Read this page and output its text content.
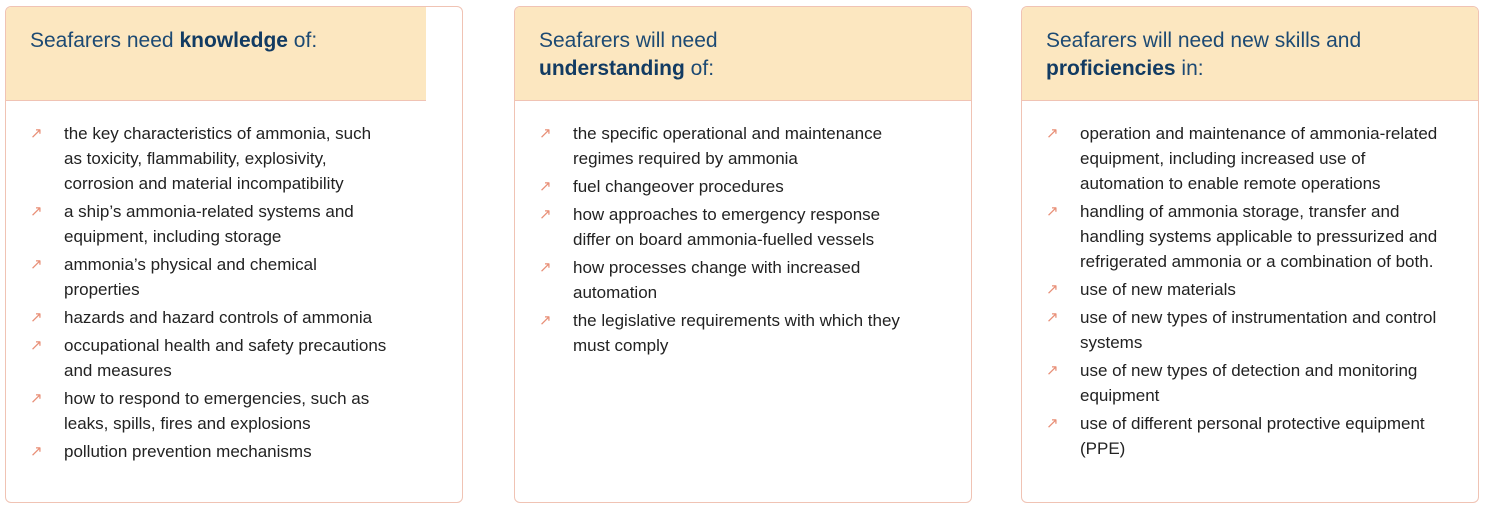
Seafarers need knowledge of:
↗	the key characteristics of ammonia, such as toxicity, flammability, explosivity, corrosion and material incompatibility
↗	a ship’s ammonia-related systems and equipment, including storage
↗	ammonia’s physical and chemical properties
↗	hazards and hazard controls of ammonia
↗	occupational health and safety precautions and measures
↗	how to respond to emergencies, such as leaks, spills, fires and explosions
↗	pollution prevention mechanisms
Seafarers will need understanding of:
↗	the specific operational and maintenance regimes required by ammonia
↗	fuel changeover procedures
↗	how approaches to emergency response differ on board ammonia-fuelled vessels
↗	how processes change with increased automation
↗	the legislative requirements with which they must comply
Seafarers will need new skills and proficiencies in:
↗	operation and maintenance of ammonia-related equipment, including increased use of automation to enable remote operations
↗	handling of ammonia storage, transfer and handling systems applicable to pressurized and refrigerated ammonia or a combination of both.
↗	use of new materials
↗	use of new types of instrumentation and control systems
↗	use of new types of detection and monitoring equipment
↗	use of different personal protective equipment (PPE)
